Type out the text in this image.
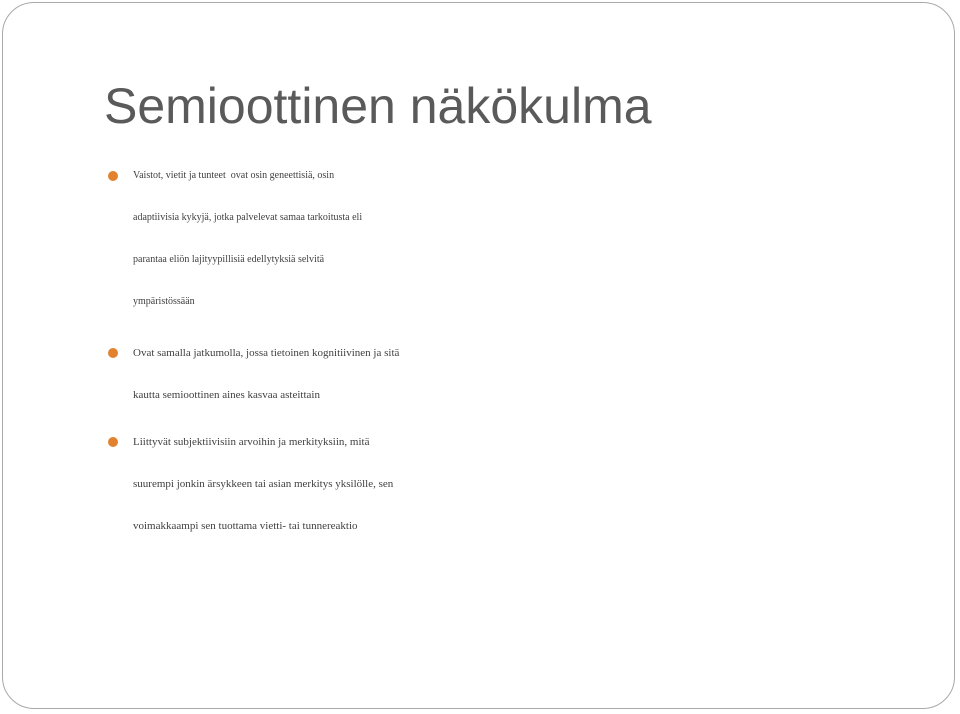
Semioottinen näkökulma
Vaistot, vietit ja tunteet  ovat osin geneettisiä, osin
adaptiivisia kykyjä, jotka palvelevat samaa tarkoitusta eli
parantaa eliön lajityypillisiä edellytyksiä selvitä
ympäristössään
Ovat samalla jatkumolla, jossa tietoinen kognitiivinen ja sitä
kautta semioottinen aines kasvaa asteittain
Liittyvät subjektiivisiin arvoihin ja merkityksiin, mitä
suurempi jonkin ärsykkeen tai asian merkitys yksilölle, sen
voimakkaampi sen tuottama vietti- tai tunnereaktio
